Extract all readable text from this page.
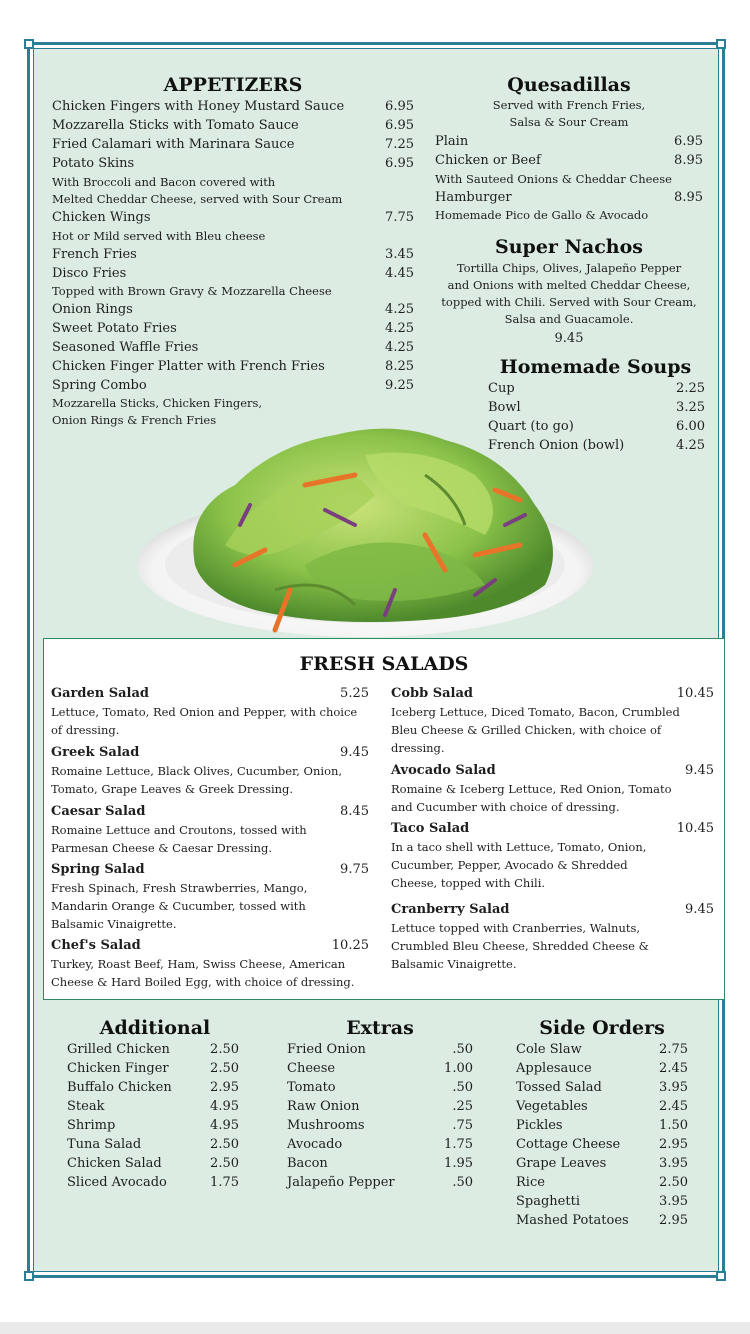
APPETIZERS
Chicken Fingers with Honey Mustard Sauce	6.95
Mozzarella Sticks with Tomato Sauce	6.95
Fried Calamari with Marinara Sauce	7.25
Potato Skins	6.95
With Broccoli and Bacon covered with
Melted Cheddar Cheese, served with Sour Cream
Chicken Wings	7.75
Hot or Mild served with Bleu cheese
French Fries	3.45
Disco Fries	4.45
Topped with Brown Gravy & Mozzarella Cheese
Onion Rings	4.25
Sweet Potato Fries	4.25
Seasoned Waffle Fries	4.25
Chicken Finger Platter with French Fries	8.25
Spring Combo	9.25
Mozzarella Sticks, Chicken Fingers,
Onion Rings & French Fries
Quesadillas
Served with French Fries,
Salsa & Sour Cream
Plain	6.95
Chicken or Beef	8.95
With Sauteed Onions & Cheddar Cheese
Hamburger	8.95
Homemade Pico de Gallo & Avocado
Super Nachos
Tortilla Chips, Olives, Jalapeño Pepper
and Onions with melted Cheddar Cheese,
topped with Chili. Served with Sour Cream,
Salsa and Guacamole.
9.45
Homemade Soups
Cup	2.25
Bowl	3.25
Quart (to go)	6.00
French Onion (bowl)	4.25
FRESH SALADS
Garden Salad	5.25
Lettuce, Tomato, Red Onion and Pepper, with choice
of dressing.
Greek Salad	9.45
Romaine Lettuce, Black Olives, Cucumber, Onion,
Tomato, Grape Leaves & Greek Dressing.
Caesar Salad	8.45
Romaine Lettuce and Croutons, tossed with
Parmesan Cheese & Caesar Dressing.
Spring Salad	9.75
Fresh Spinach, Fresh Strawberries, Mango,
Mandarin Orange & Cucumber, tossed with
Balsamic Vinaigrette.
Chef's Salad	10.25
Turkey, Roast Beef, Ham, Swiss Cheese, American
Cheese & Hard Boiled Egg, with choice of dressing.
Cobb Salad	10.45
Iceberg Lettuce, Diced Tomato, Bacon, Crumbled
Bleu Cheese & Grilled Chicken, with choice of
dressing.
Avocado Salad	9.45
Romaine & Iceberg Lettuce, Red Onion, Tomato
and Cucumber with choice of dressing.
Taco Salad	10.45
In a taco shell with Lettuce, Tomato, Onion,
Cucumber, Pepper, Avocado & Shredded
Cheese, topped with Chili.
Cranberry Salad	9.45
Lettuce topped with Cranberries, Walnuts,
Crumbled Bleu Cheese, Shredded Cheese &
Balsamic Vinaigrette.
Additional
Grilled Chicken	2.50
Chicken Finger	2.50
Buffalo Chicken	2.95
Steak	4.95
Shrimp	4.95
Tuna Salad	2.50
Chicken Salad	2.50
Sliced Avocado	1.75
Extras
Fried Onion	.50
Cheese	1.00
Tomato	.50
Raw Onion	.25
Mushrooms	.75
Avocado	1.75
Bacon	1.95
Jalapeño Pepper	.50
Side Orders
Cole Slaw	2.75
Applesauce	2.45
Tossed Salad	3.95
Vegetables	2.45
Pickles	1.50
Cottage Cheese	2.95
Grape Leaves	3.95
Rice	2.50
Spaghetti	3.95
Mashed Potatoes	2.95
